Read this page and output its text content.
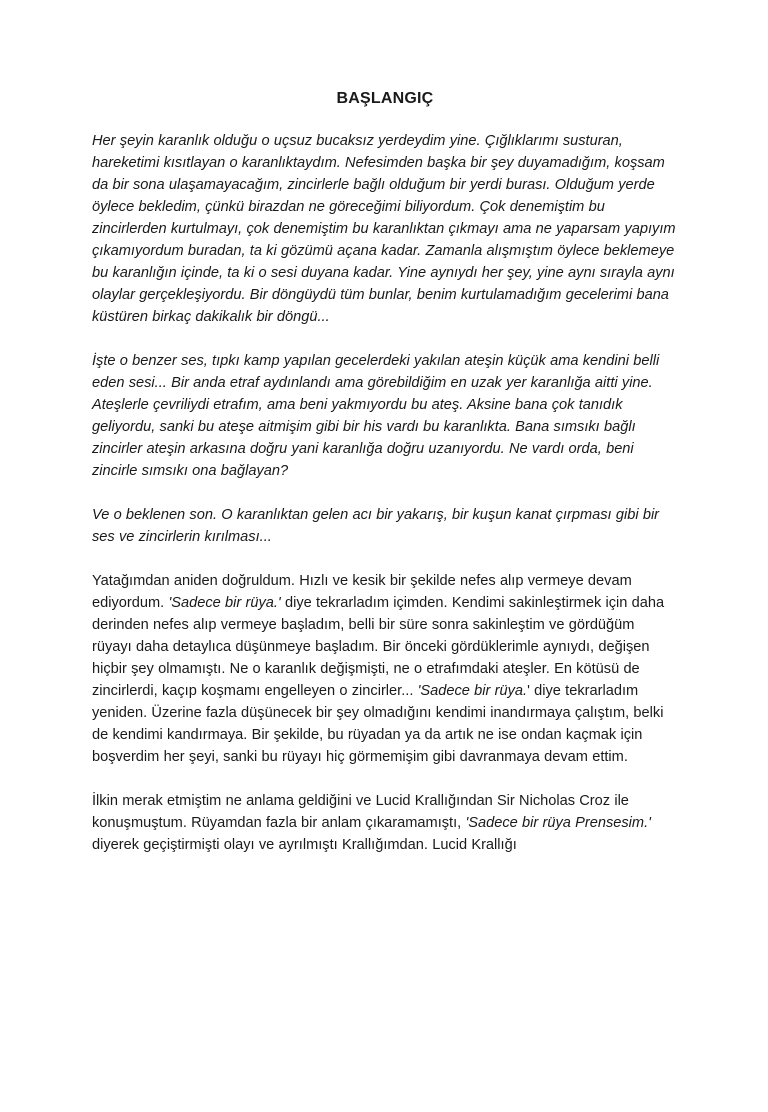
BAŞLANGIÇ

Her şeyin karanlık olduğu o uçsuz bucaksız yerdeydim yine. Çığlıklarımı susturan, hareketimi kısıtlayan o karanlıktaydım. Nefesimden başka bir şey duyamadığım, koşsam da bir sona ulaşamayacağım, zincirlerle bağlı olduğum bir yerdi burası. Olduğum yerde öylece bekledim, çünkü birazdan ne göreceğimi biliyordum. Çok denemiştim bu zincirlerden kurtulmayı, çok denemiştim bu karanlıktan çıkmayı ama ne yaparsam yapıyım çıkamıyordum buradan, ta ki gözümü açana kadar. Zamanla alışmıştım öylece beklemeye bu karanlığın içinde, ta ki o sesi duyana kadar. Yine aynıydı her şey, yine aynı sırayla aynı olaylar gerçekleşiyordu. Bir döngüydü tüm bunlar, benim kurtulamadığım gecelerimi bana küstüren birkaç dakikalık bir döngü...

İşte o benzer ses, tıpkı kamp yapılan gecelerdeki yakılan ateşin küçük ama kendini belli eden sesi... Bir anda etraf aydınlandı ama görebildiğim en uzak yer karanlığa aitti yine. Ateşlerle çevriliydi etrafım, ama beni yakmıyordu bu ateş. Aksine bana çok tanıdık geliyordu, sanki bu ateşe aitmişim gibi bir his vardı bu karanlıkta. Bana sımsıkı bağlı zincirler ateşin arkasına doğru yani karanlığa doğru uzanıyordu. Ne vardı orda, beni zincirle sımsıkı ona bağlayan?

Ve o beklenen son. O karanlıktan gelen acı bir yakarış, bir kuşun kanat çırpması gibi bir ses ve zincirlerin kırılması...

Yatağımdan aniden doğruldum. Hızlı ve kesik bir şekilde nefes alıp vermeye devam ediyordum. 'Sadece bir rüya.' diye tekrarladım içimden. Kendimi sakinleştirmek için daha derinden nefes alıp vermeye başladım, belli bir süre sonra sakinleştim ve gördüğüm rüyayı daha detaylıca düşünmeye başladım. Bir önceki gördüklerimle aynıydı, değişen hiçbir şey olmamıştı. Ne o karanlık değişmişti, ne o etrafımdaki ateşler. En kötüsü de zincirlerdi, kaçıp koşmamı engelleyen o zincirler... 'Sadece bir rüya.' diye tekrarladım yeniden. Üzerine fazla düşünecek bir şey olmadığını kendimi inandırmaya çalıştım, belki de kendimi kandırmaya. Bir şekilde, bu rüyadan ya da artık ne ise ondan kaçmak için boşverdim her şeyi, sanki bu rüyayı hiç görmemişim gibi davranmaya devam ettim.

İlkin merak etmiştim ne anlama geldiğini ve Lucid Krallığından Sir Nicholas Croz ile konuşmuştum. Rüyamdan fazla bir anlam çıkaramamıştı, 'Sadece bir rüya Prensesim.' diyerek geçiştirmişti olayı ve ayrılmıştı Krallığımdan. Lucid Krallığı
